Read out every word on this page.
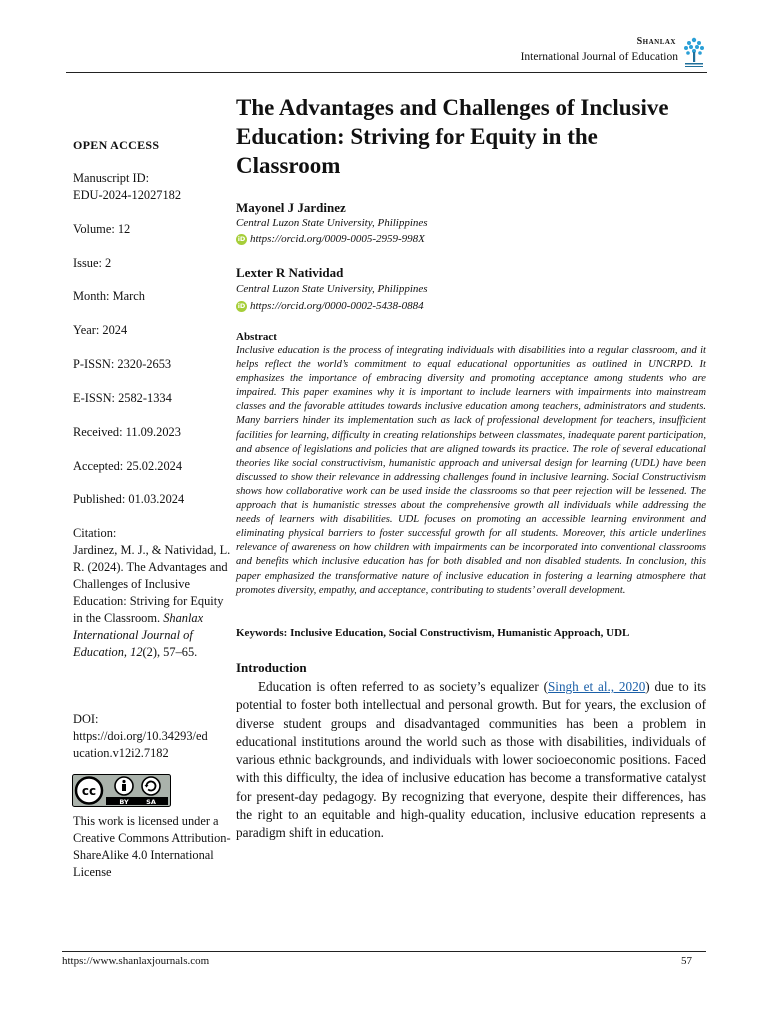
Shanlax
International Journal of Education
OPEN ACCESS
Manuscript ID:
EDU-2024-12027182
Volume: 12
Issue: 2
Month: March
Year: 2024
P-ISSN: 2320-2653
E-ISSN: 2582-1334
Received: 11.09.2023
Accepted: 25.02.2024
Published: 01.03.2024
Citation:
Jardinez, M. J., & Natividad, L. R. (2024). The Advantages and Challenges of Inclusive Education: Striving for Equity in the Classroom. Shanlax International Journal of Education, 12(2), 57–65.
DOI:
https://doi.org/10.34293/education.v12i2.7182
cc
BY	SA
This work is licensed under a Creative Commons Attribution-ShareAlike 4.0 International License
The Advantages and Challenges of Inclusive Education: Striving for Equity in the Classroom
Mayonel J Jardinez
Central Luzon State University, Philippines
iD https://orcid.org/0009-0005-2959-998X
Lexter R Natividad
Central Luzon State University, Philippines
iD https://orcid.org/0000-0002-5438-0884
Abstract

Inclusive education is the process of integrating individuals with disabilities into a regular classroom, and it helps reflect the world’s commitment to equal educational opportunities as outlined in UNCRPD. It emphasizes the importance of embracing diversity and promoting acceptance among students who are impaired. This paper examines why it is important to include learners with impairments into mainstream classes and the favorable attitudes towards inclusive education among teachers, administrators and students. Many barriers hinder its implementation such as lack of professional development for teachers, insufficient facilities for learning, difficulty in creating relationships between classmates, inadequate parent participation, and absence of legislations and policies that are aligned towards its practice. The role of several educational theories like social constructivism, humanistic approach and universal design for learning (UDL) have been discussed to show their relevance in addressing challenges found in inclusive learning. Social Constructivism shows how collaborative work can be used inside the classrooms so that peer rejection will be lessened. The approach that is humanistic stresses about the comprehensive growth all individuals while addressing the needs of learners with disabilities. UDL focuses on promoting an accessible learning environment and eliminating physical barriers to foster successful growth for all students. Moreover, this article underlines relevance of awareness on how children with impairments can be incorporated into conventional classrooms and benefits which inclusive education has for both disabled and non disabled students. In conclusion, this paper emphasized the transformative nature of inclusive education in fostering a learning atmosphere that promotes diversity, empathy, and acceptance, contributing to students’ overall development.

Keywords: Inclusive Education, Social Constructivism, Humanistic Approach, UDL
Introduction

Education is often referred to as society’s equalizer (Singh et al., 2020) due to its potential to foster both intellectual and personal growth. But for years, the exclusion of diverse student groups and disadvantaged communities has been a problem in educational institutions around the world such as those with disabilities, individuals of various ethnic backgrounds, and individuals with lower socioeconomic positions. Faced with this difficulty, the idea of inclusive education has become a transformative catalyst for present-day pedagogy. By recognizing that everyone, despite their differences, has the right to an equitable and high-quality education, inclusive education represents a paradigm shift in education.

https://www.shanlaxjournals.com	57
